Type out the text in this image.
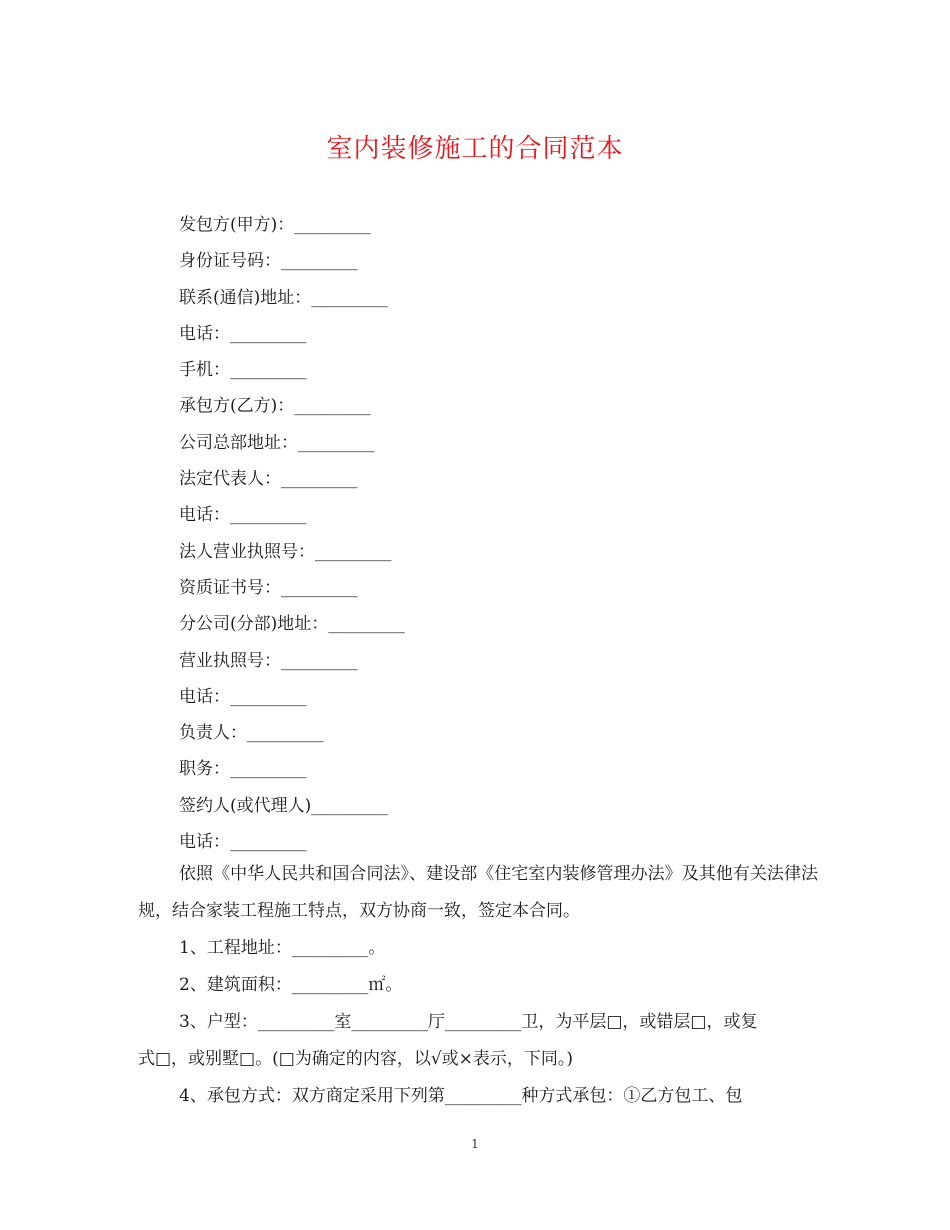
室内装修施工的合同范本
发包方(甲方)：_________
身份证号码：_________
联系(通信)地址：_________
电话：_________
手机：_________
承包方(乙方)：_________
公司总部地址：_________
法定代表人：_________
电话：_________
法人营业执照号：_________
资质证书号：_________
分公司(分部)地址：_________
营业执照号：_________
电话：_________
负责人：_________
职务：_________
签约人(或代理人)_________
电话：_________

依照《中华人民共和国合同法》、建设部《住宅室内装修管理办法》及其他有关法律法规，结合家装工程施工特点，双方协商一致，签定本合同。

1、工程地址：_________。

2、建筑面积：_________㎡。

3、户型：_________室_________厅_________卫，为平层□，或错层□，或复

式□，或别墅□。(□为确定的内容，以√或×表示，下同。)

4、承包方式：双方商定采用下列第_________种方式承包：①乙方包工、包

1
